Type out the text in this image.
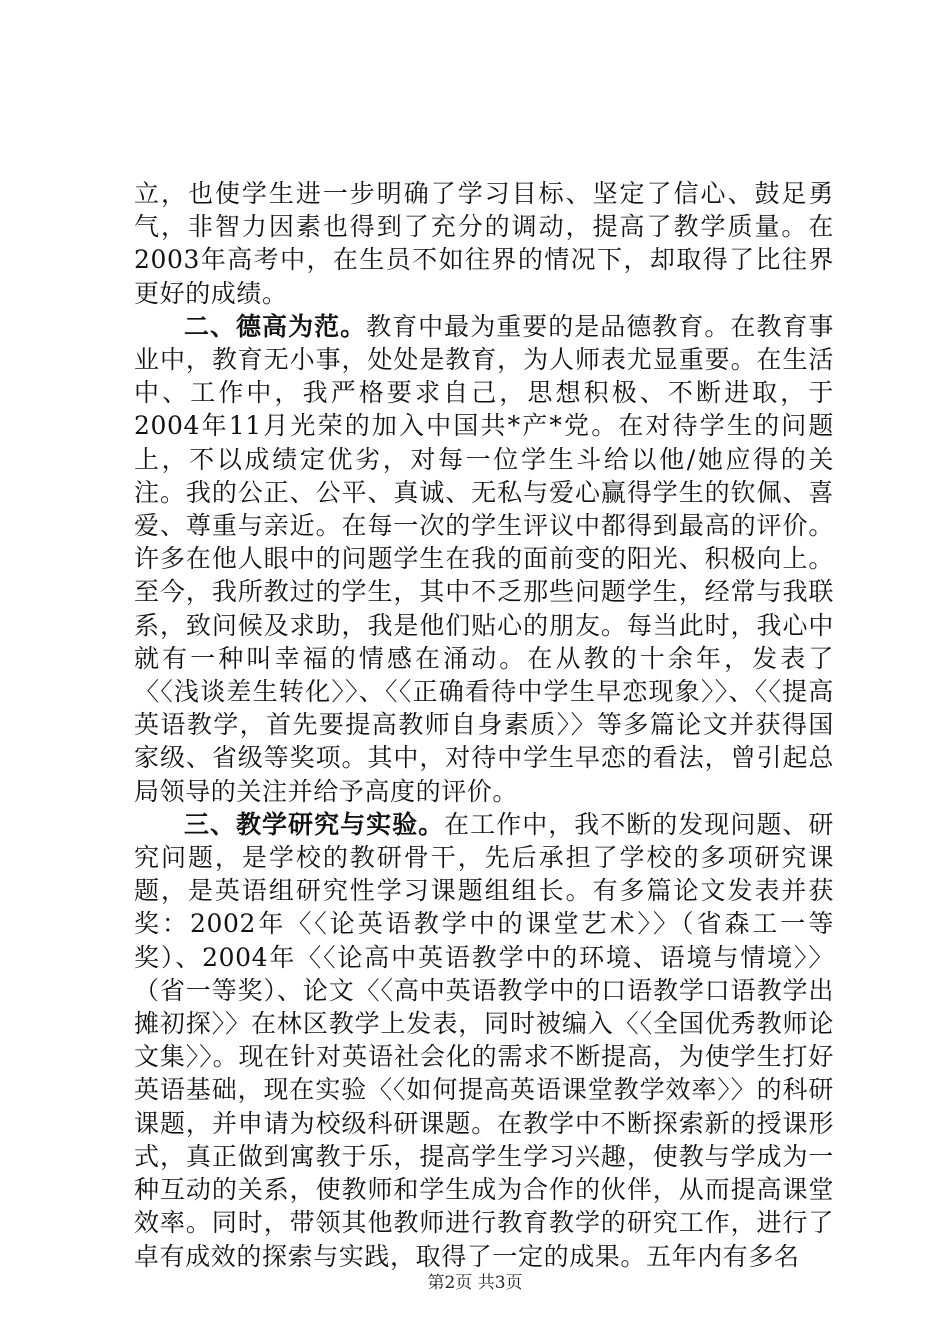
立，也使学生进一步明确了学习目标、坚定了信心、鼓足勇气，非智力因素也得到了充分的调动，提高了教学质量。在2003年高考中，在生员不如往界的情况下，却取得了比往界更好的成绩。

二、德高为范。教育中最为重要的是品德教育。在教育事业中，教育无小事，处处是教育，为人师表尤显重要。在生活中、工作中，我严格要求自己，思想积极、不断进取，于2004年11月光荣的加入中国共*产*党。在对待学生的问题上，不以成绩定优劣，对每一位学生斗给以他/她应得的关注。我的公正、公平、真诚、无私与爱心赢得学生的钦佩、喜爱、尊重与亲近。在每一次的学生评议中都得到最高的评价。许多在他人眼中的问题学生在我的面前变的阳光、积极向上。至今，我所教过的学生，其中不乏那些问题学生，经常与我联系，致问候及求助，我是他们贴心的朋友。每当此时，我心中就有一种叫幸福的情感在涌动。在从教的十余年，发表了〈〈浅谈差生转化〉〉、〈〈正确看待中学生早恋现象〉〉、〈〈提高英语教学，首先要提高教师自身素质〉〉等多篇论文并获得国家级、省级等奖项。其中，对待中学生早恋的看法，曾引起总局领导的关注并给予高度的评价。

三、教学研究与实验。在工作中，我不断的发现问题、研究问题，是学校的教研骨干，先后承担了学校的多项研究课题，是英语组研究性学习课题组组长。有多篇论文发表并获奖：2002年〈〈论英语教学中的课堂艺术〉〉（省森工一等奖）、2004年〈〈论高中英语教学中的环境、语境与情境〉〉（省一等奖）、论文〈〈高中英语教学中的口语教学口语教学出摊初探〉〉在林区教学上发表，同时被编入〈〈全国优秀教师论文集〉〉。现在针对英语社会化的需求不断提高，为使学生打好英语基础，现在实验〈〈如何提高英语课堂教学效率〉〉的科研课题，并申请为校级科研课题。在教学中不断探索新的授课形式，真正做到寓教于乐，提高学生学习兴趣，使教与学成为一种互动的关系，使教师和学生成为合作的伙伴，从而提高课堂效率。同时，带领其他教师进行教育教学的研究工作，进行了卓有成效的探索与实践，取得了一定的成果。五年内有多名

第2页 共3页
